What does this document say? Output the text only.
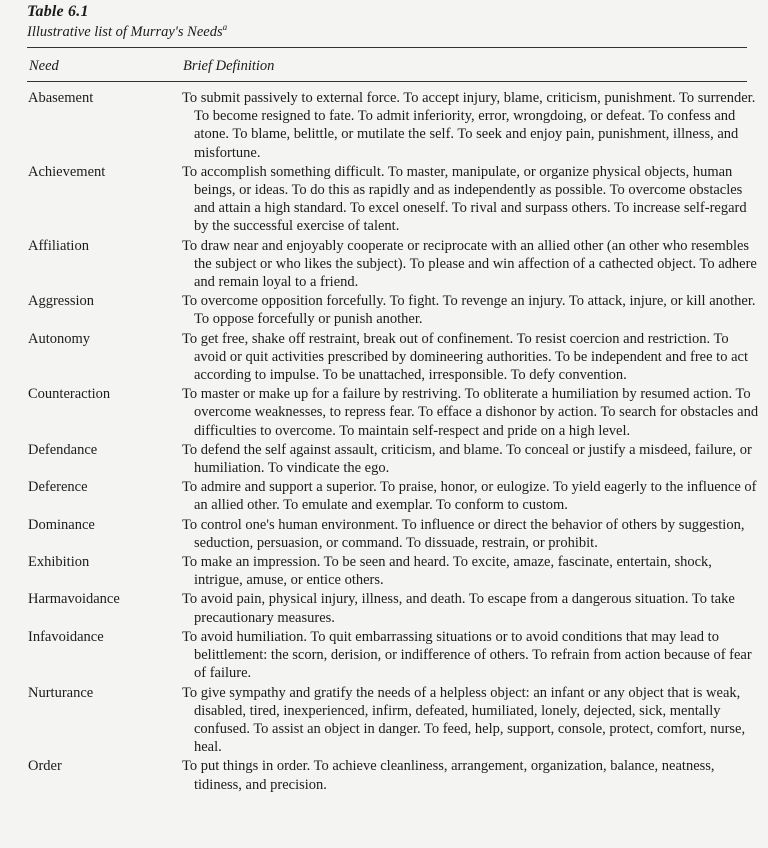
Table 6.1
Illustrative list of Murray's Needs$^a$
Need	Brief Definition
Abasement	To submit passively to external force. To accept injury, blame, criticism, punishment. To surrender. To become resigned to fate. To admit inferiority, error, wrongdoing, or defeat. To confess and atone. To blame, belittle, or mutilate the self. To seek and enjoy pain, punishment, illness, and misfortune.
Achievement	To accomplish something difficult. To master, manipulate, or organize physical objects, human beings, or ideas. To do this as rapidly and as independently as possible. To overcome obstacles and attain a high standard. To excel oneself. To rival and surpass others. To increase self-regard by the successful exercise of talent.
Affiliation	To draw near and enjoyably cooperate or reciprocate with an allied other (an other who resembles the subject or who likes the subject). To please and win affection of a cathected object. To adhere and remain loyal to a friend.
Aggression	To overcome opposition forcefully. To fight. To revenge an injury. To attack, injure, or kill another. To oppose forcefully or punish another.
Autonomy	To get free, shake off restraint, break out of confinement. To resist coercion and restriction. To avoid or quit activities prescribed by domineering authorities. To be independent and free to act according to impulse. To be unattached, irresponsible. To defy convention.
Counteraction	To master or make up for a failure by restriving. To obliterate a humiliation by resumed action. To overcome weaknesses, to repress fear. To efface a dishonor by action. To search for obstacles and difficulties to overcome. To maintain self-respect and pride on a high level.
Defendance	To defend the self against assault, criticism, and blame. To conceal or justify a misdeed, failure, or humiliation. To vindicate the ego.
Deference	To admire and support a superior. To praise, honor, or eulogize. To yield eagerly to the influence of an allied other. To emulate and exemplar. To conform to custom.
Dominance	To control one's human environment. To influence or direct the behavior of others by suggestion, seduction, persuasion, or command. To dissuade, restrain, or prohibit.
Exhibition	To make an impression. To be seen and heard. To excite, amaze, fascinate, entertain, shock, intrigue, amuse, or entice others.
Harmavoidance	To avoid pain, physical injury, illness, and death. To escape from a dangerous situation. To take precautionary measures.
Infavoidance	To avoid humiliation. To quit embarrassing situations or to avoid conditions that may lead to belittlement: the scorn, derision, or indifference of others. To refrain from action because of fear of failure.
Nurturance	To give sympathy and gratify the needs of a helpless object: an infant or any object that is weak, disabled, tired, inexperienced, infirm, defeated, humiliated, lonely, dejected, sick, mentally confused. To assist an object in danger. To feed, help, support, console, protect, comfort, nurse, heal.
Order	To put things in order. To achieve cleanliness, arrangement, organization, balance, neatness, tidiness, and precision.
